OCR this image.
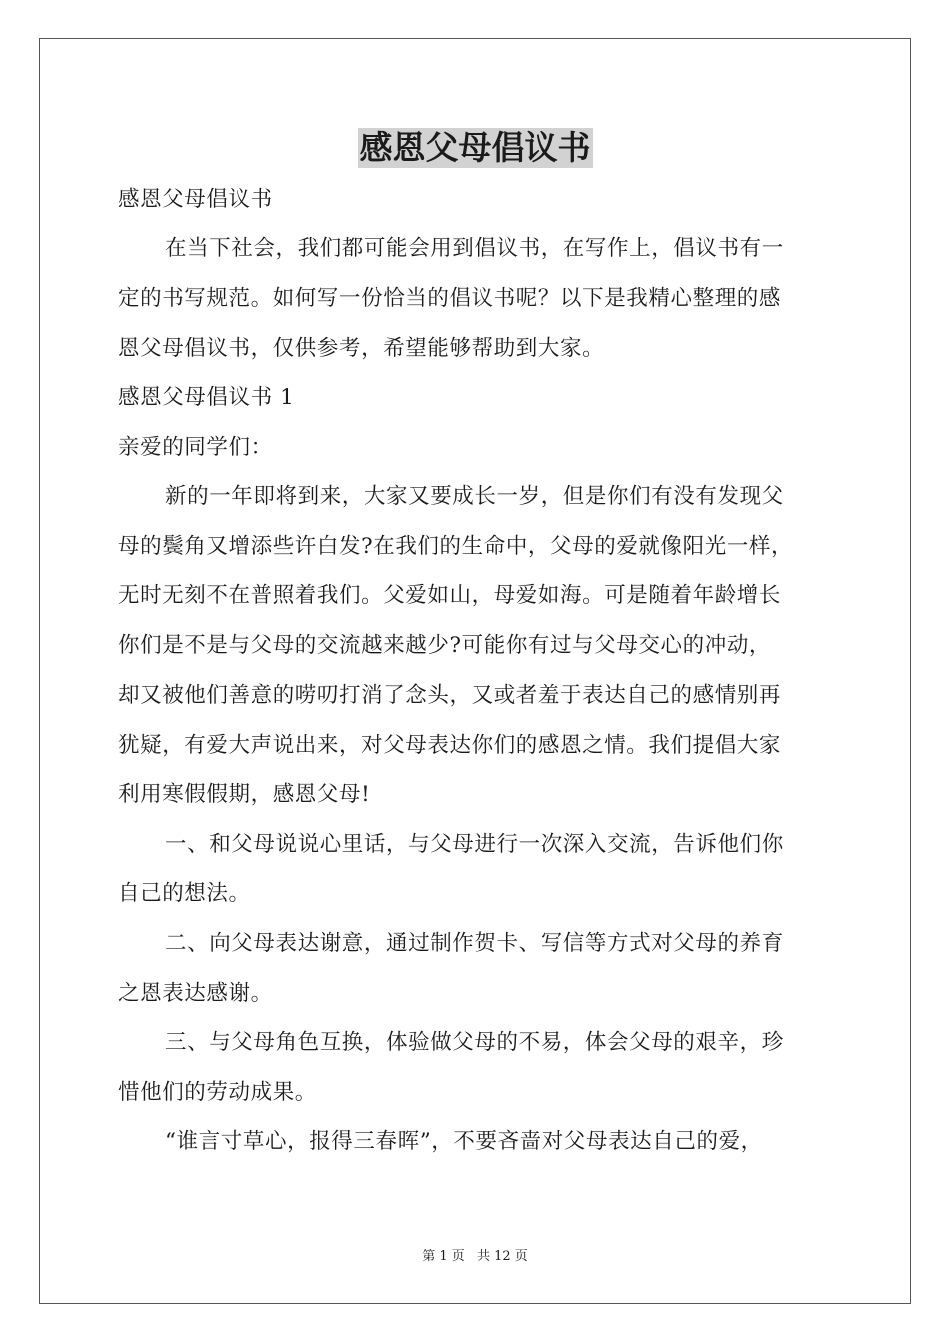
感恩父母倡议书
感恩父母倡议书
在当下社会，我们都可能会用到倡议书，在写作上，倡议书有一
定的书写规范。如何写一份恰当的倡议书呢？以下是我精心整理的感
恩父母倡议书，仅供参考，希望能够帮助到大家。
感恩父母倡议书 1
亲爱的同学们：
新的一年即将到来，大家又要成长一岁，但是你们有没有发现父
母的鬓角又增添些许白发?在我们的生命中，父母的爱就像阳光一样，
无时无刻不在普照着我们。父爱如山，母爱如海。可是随着年龄增长
你们是不是与父母的交流越来越少?可能你有过与父母交心的冲动，
却又被他们善意的唠叨打消了念头，又或者羞于表达自己的感情别再
犹疑，有爱大声说出来，对父母表达你们的感恩之情。我们提倡大家
利用寒假假期，感恩父母!
一、和父母说说心里话，与父母进行一次深入交流，告诉他们你
自己的想法。
二、向父母表达谢意，通过制作贺卡、写信等方式对父母的养育
之恩表达感谢。
三、与父母角色互换，体验做父母的不易，体会父母的艰辛，珍
惜他们的劳动成果。
“谁言寸草心，报得三春晖”，不要吝啬对父母表达自己的爱，
第 1 页 共 12 页
